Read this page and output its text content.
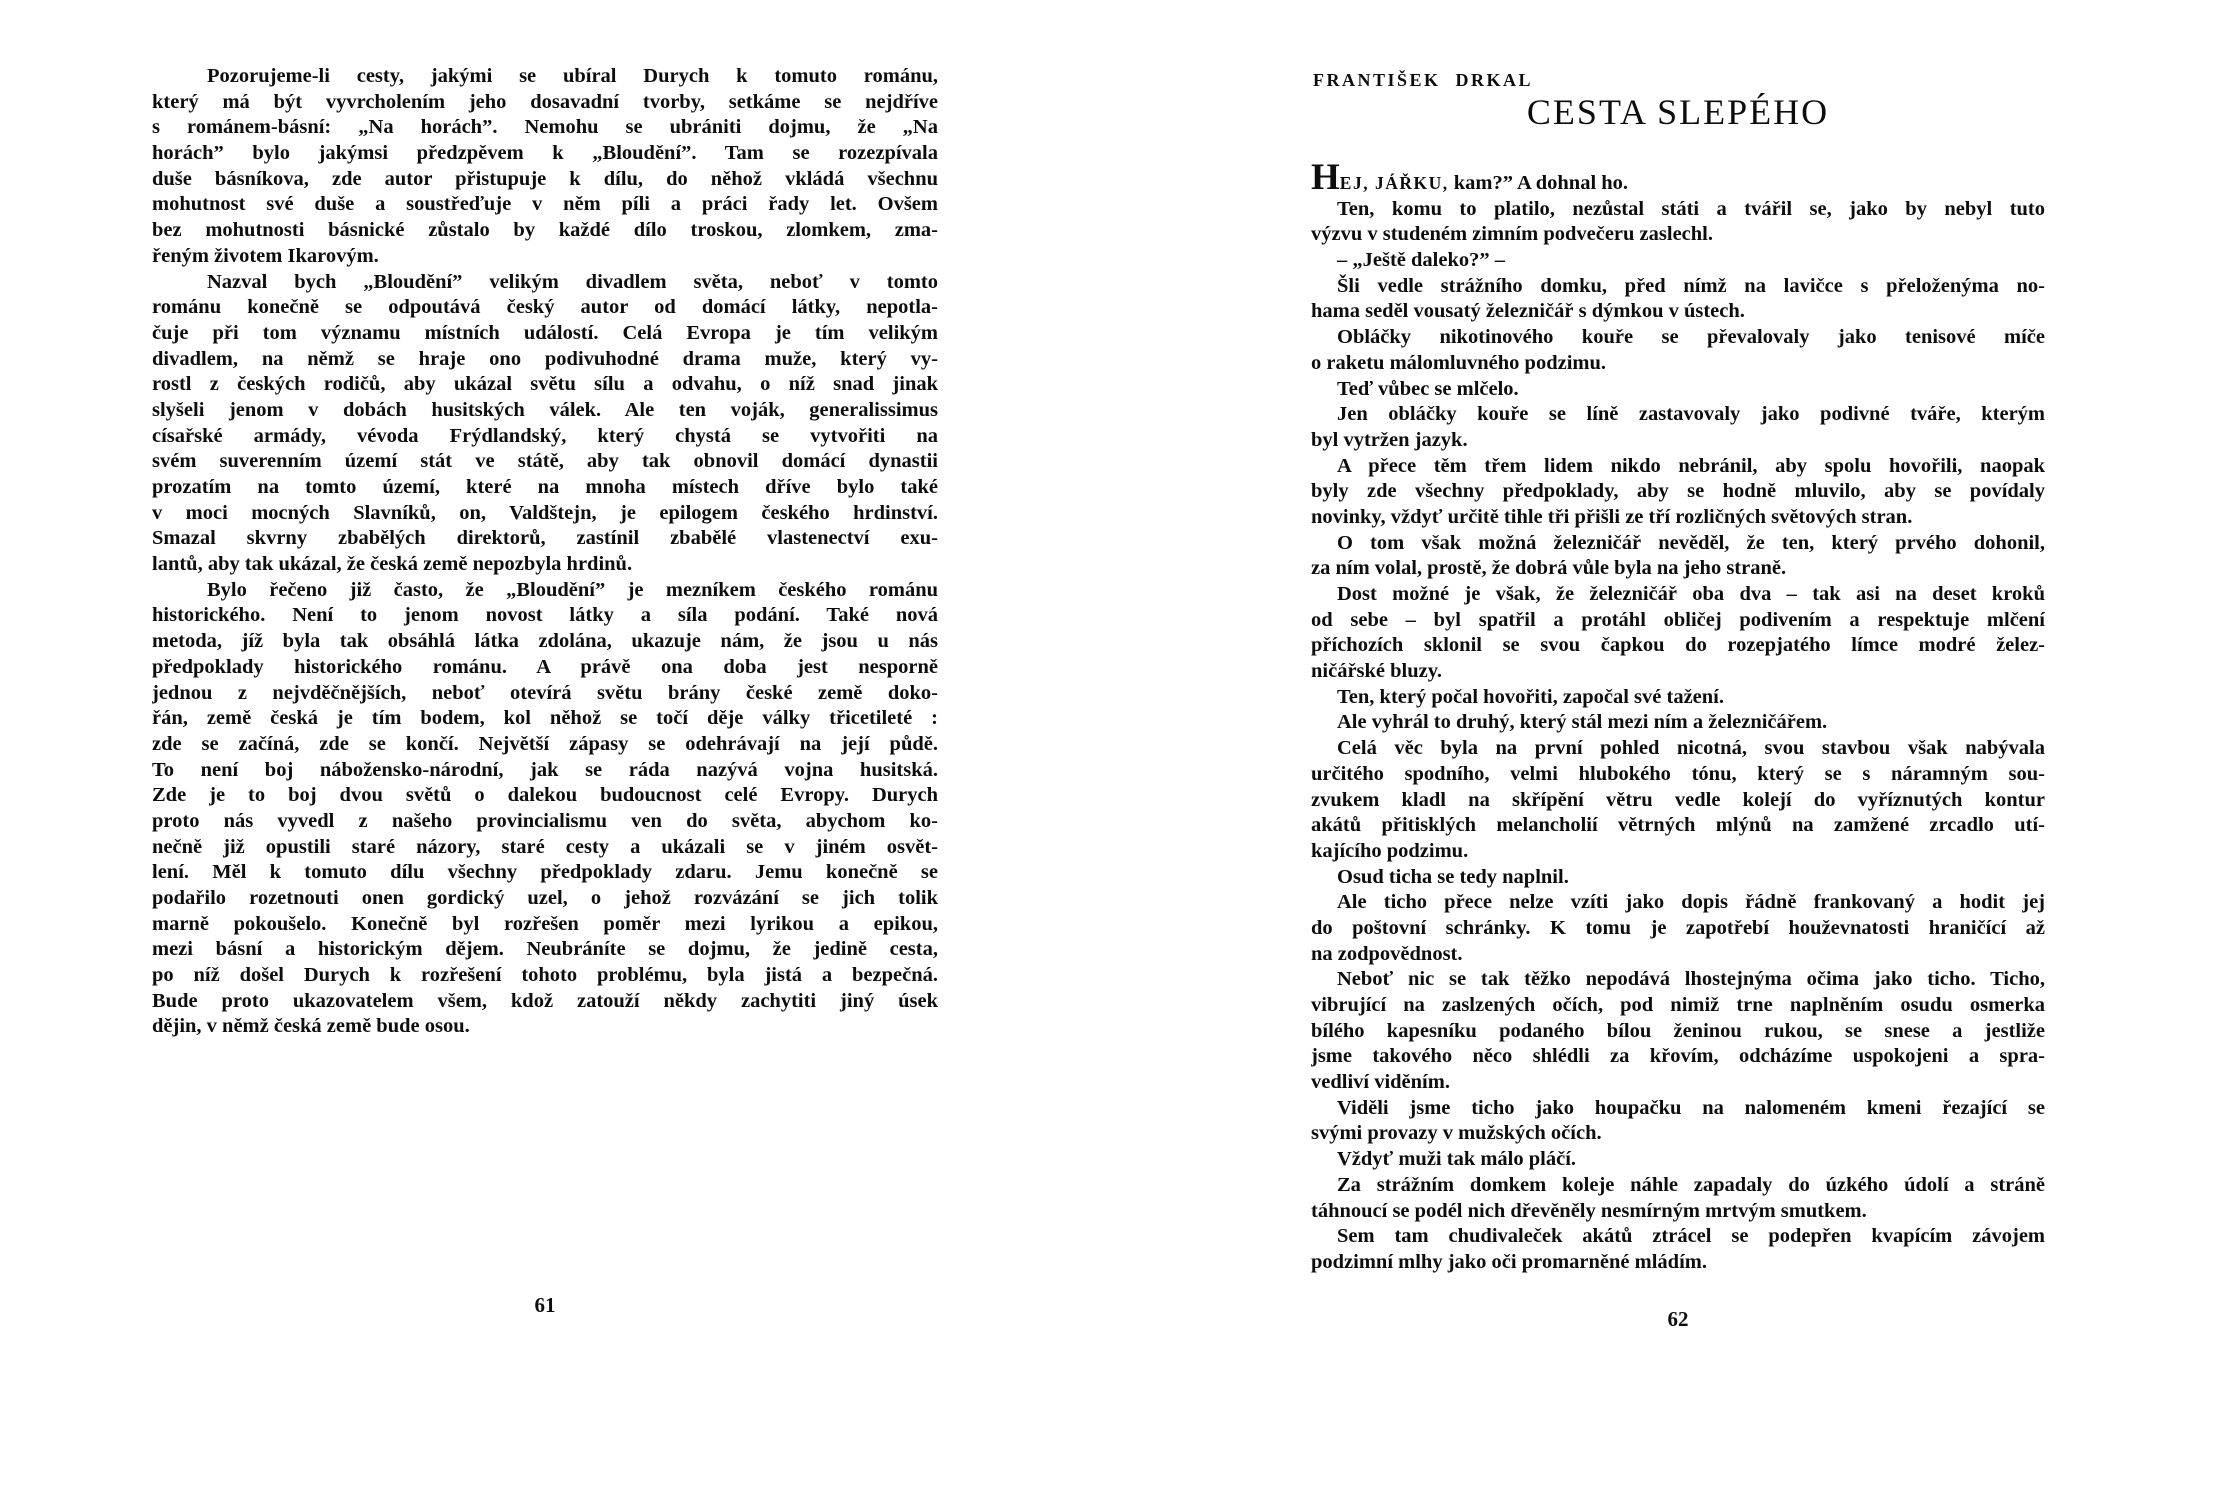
Pozorujeme-li cesty, jakými se ubíral Durych k tomuto románu,
který má být vyvrcholením jeho dosavadní tvorby, setkáme se nejdříve
s románem-básní: „Na horách”. Nemohu se ubrániti dojmu, že „Na
horách” bylo jakýmsi předzpěvem k „Bloudění”. Tam se rozezpívala
duše básníkova, zde autor přistupuje k dílu, do něhož vkládá všechnu
mohutnost své duše a soustřeďuje v něm píli a práci řady let. Ovšem
bez mohutnosti básnické zůstalo by každé dílo troskou, zlomkem, zma-
řeným životem Ikarovým.
Nazval bych „Bloudění” velikým divadlem světa, neboť v tomto
románu konečně se odpoutává český autor od domácí látky, nepotla-
čuje při tom významu místních událostí. Celá Evropa je tím velikým
divadlem, na němž se hraje ono podivuhodné drama muže, který vy-
rostl z českých rodičů, aby ukázal světu sílu a odvahu, o níž snad jinak
slyšeli jenom v dobách husitských válek. Ale ten voják, generalissimus
císařské armády, vévoda Frýdlandský, který chystá se vytvořiti na
svém suverenním území stát ve státě, aby tak obnovil domácí dynastii
prozatím na tomto území, které na mnoha místech dříve bylo také
v moci mocných Slavníků, on, Valdštejn, je epilogem českého hrdinství.
Smazal skvrny zbabělých direktorů, zastínil zbabělé vlastenectví exu-
lantů, aby tak ukázal, že česká země nepozbyla hrdinů.
Bylo řečeno již často, že „Bloudění” je mezníkem českého románu
historického. Není to jenom novost látky a síla podání. Také nová
metoda, jíž byla tak obsáhlá látka zdolána, ukazuje nám, že jsou u nás
předpoklady historického románu. A právě ona doba jest nesporně
jednou z nejvděčnějších, neboť otevírá světu brány české země doko-
řán, země česká je tím bodem, kol něhož se točí děje války třicetileté :
zde se začíná, zde se končí. Největší zápasy se odehrávají na její půdě.
To není boj nábožensko-národní, jak se ráda nazývá vojna husitská.
Zde je to boj dvou světů o dalekou budoucnost celé Evropy. Durych
proto nás vyvedl z našeho provincialismu ven do světa, abychom ko-
nečně již opustili staré názory, staré cesty a ukázali se v jiném osvět-
lení. Měl k tomuto dílu všechny předpoklady zdaru. Jemu konečně se
podařilo rozetnouti onen gordický uzel, o jehož rozvázání se jich tolik
marně pokoušelo. Konečně byl rozřešen poměr mezi lyrikou a epikou,
mezi básní a historickým dějem. Neubráníte se dojmu, že jedině cesta,
po níž došel Durych k rozřešení tohoto problému, byla jistá a bezpečná.
Bude proto ukazovatelem všem, kdož zatouží někdy zachytiti jiný úsek
dějin, v němž česká země bude osou.
61
FRANTIŠEK DRKAL
CESTA SLEPÉHO
HEJ, JÁŘKU, kam?” A dohnal ho.
Ten, komu to platilo, nezůstal státi a tvářil se, jako by nebyl tuto
výzvu v studeném zimním podvečeru zaslechl.
– „Ještě daleko?” –
Šli vedle strážního domku, před nímž na lavičce s přeloženýma no-
hama seděl vousatý železničář s dýmkou v ústech.
Obláčky nikotinového kouře se převalovaly jako tenisové míče
o raketu málomluvného podzimu.
Teď vůbec se mlčelo.
Jen obláčky kouře se líně zastavovaly jako podivné tváře, kterým
byl vytržen jazyk.
A přece těm třem lidem nikdo nebránil, aby spolu hovořili, naopak
byly zde všechny předpoklady, aby se hodně mluvilo, aby se povídaly
novinky, vždyť určitě tihle tři přišli ze tří rozličných světových stran.
O tom však možná železničář nevěděl, že ten, který prvého dohonil,
za ním volal, prostě, že dobrá vůle byla na jeho straně.
Dost možné je však, že železničář oba dva – tak asi na deset kroků
od sebe – byl spatřil a protáhl obličej podivením a respektuje mlčení
příchozích sklonil se svou čapkou do rozepjatého límce modré želez-
ničářské bluzy.
Ten, který počal hovořiti, započal své tažení.
Ale vyhrál to druhý, který stál mezi ním a železničářem.
Celá věc byla na první pohled nicotná, svou stavbou však nabývala
určitého spodního, velmi hlubokého tónu, který se s náramným sou-
zvukem kladl na skřípění větru vedle kolejí do vyříznutých kontur
akátů přitisklých melancholií větrných mlýnů na zamžené zrcadlo utí-
kajícího podzimu.
Osud ticha se tedy naplnil.
Ale ticho přece nelze vzíti jako dopis řádně frankovaný a hodit jej
do poštovní schránky. K tomu je zapotřebí houževnatosti hraničící až
na zodpovědnost.
Neboť nic se tak těžko nepodává lhostejnýma očima jako ticho. Ticho,
vibrující na zaslzených očích, pod nimiž trne naplněním osudu osmerka
bílého kapesníku podaného bílou ženinou rukou, se snese a jestliže
jsme takového něco shlédli za křovím, odcházíme uspokojeni a spra-
vedliví viděním.
Viděli jsme ticho jako houpačku na nalomeném kmeni řezající se
svými provazy v mužských očích.
Vždyť muži tak málo pláčí.
Za strážním domkem koleje náhle zapadaly do úzkého údolí a stráně
táhnoucí se podél nich dřevěněly nesmírným mrtvým smutkem.
Sem tam chudivaleček akátů ztrácel se podepřen kvapícím závojem
podzimní mlhy jako oči promarněné mládím.
62
